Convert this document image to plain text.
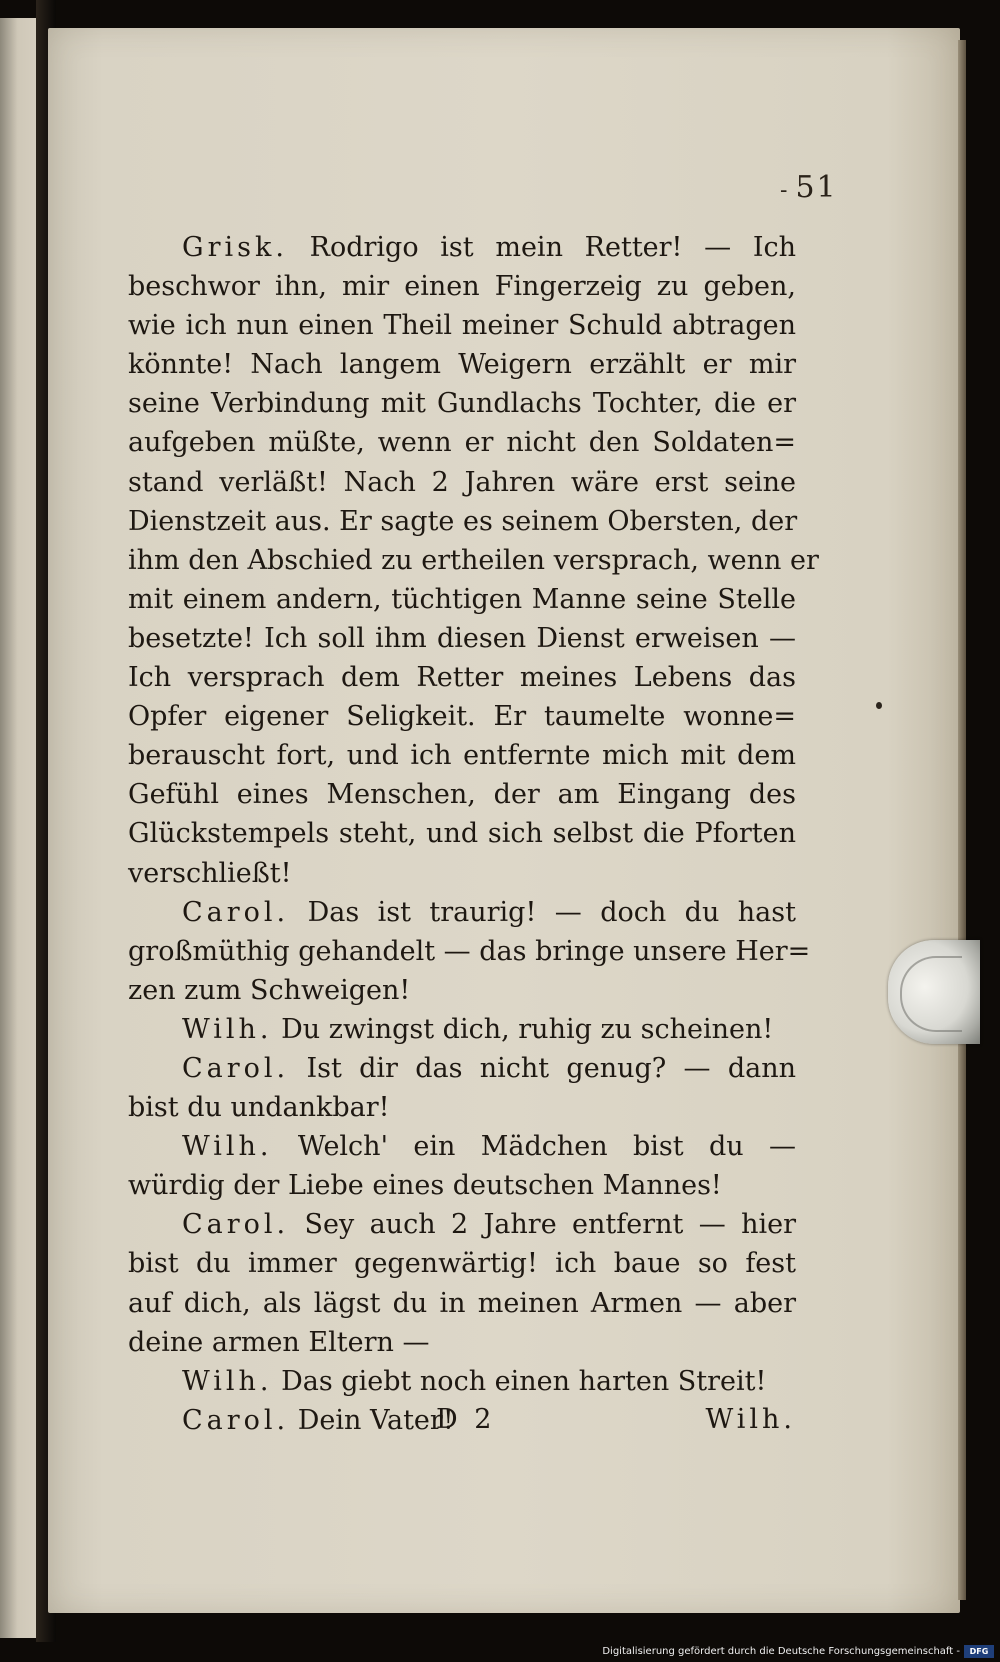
- 51

Grisk. Rodrigo ist mein Retter! — Ich
beschwor ihn, mir einen Fingerzeig zu geben,
wie ich nun einen Theil meiner Schuld abtragen
könnte! Nach langem Weigern erzählt er mir
seine Verbindung mit Gundlachs Tochter, die er
aufgeben müßte, wenn er nicht den Soldaten=
stand verläßt! Nach 2 Jahren wäre erst seine
Dienstzeit aus. Er sagte es seinem Obersten, der
ihm den Abschied zu ertheilen versprach, wenn er
mit einem andern, tüchtigen Manne seine Stelle
besetzte! Ich soll ihm diesen Dienst erweisen —
Ich versprach dem Retter meines Lebens das
Opfer eigener Seligkeit. Er taumelte wonne=
berauscht fort, und ich entfernte mich mit dem
Gefühl eines Menschen, der am Eingang des
Glückstempels steht, und sich selbst die Pforten
verschließt!
Carol. Das ist traurig! — doch du hast
großmüthig gehandelt — das bringe unsere Her=
zen zum Schweigen!
Wilh. Du zwingst dich, ruhig zu scheinen!
Carol. Ist dir das nicht genug? — dann
bist du undankbar!
Wilh. Welch' ein Mädchen bist du —
würdig der Liebe eines deutschen Mannes!
Carol. Sey auch 2 Jahre entfernt — hier
bist du immer gegenwärtig! ich baue so fest
auf dich, als lägst du in meinen Armen — aber
deine armen Eltern —
Wilh. Das giebt noch einen harten Streit!
Carol. Dein Vater!
D 2	Wilh.
Digitalisierung gefördert durch die Deutsche Forschungsgemeinschaft -	DFG
